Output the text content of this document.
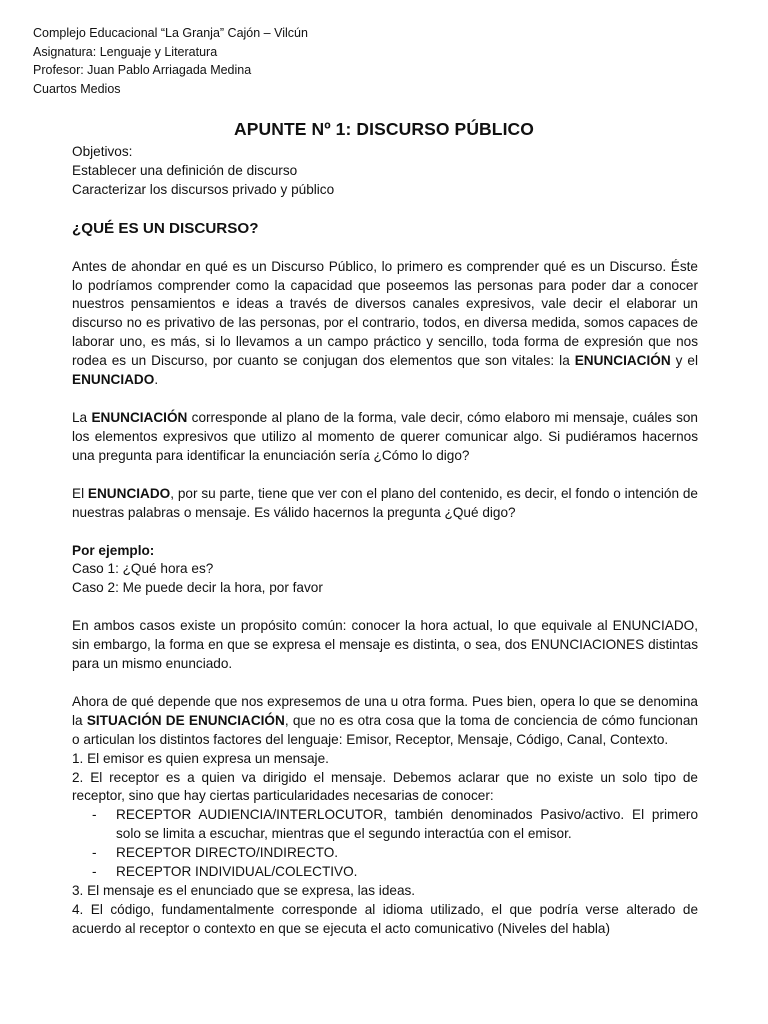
Complejo Educacional “La Granja” Cajón – Vilcún
Asignatura: Lenguaje y Literatura
Profesor: Juan Pablo Arriagada Medina
Cuartos Medios
APUNTE Nº 1: DISCURSO PÚBLICO
Objetivos:
Establecer una definición de discurso
Caracterizar los discursos privado y público
¿QUÉ ES UN DISCURSO?

Antes de ahondar en qué es un Discurso Público, lo primero es comprender qué es un Discurso. Éste lo podríamos comprender como la capacidad que poseemos las personas para poder dar a conocer nuestros pensamientos e ideas a través de diversos canales expresivos, vale decir el elaborar un discurso no es privativo de las personas, por el contrario, todos, en diversa medida, somos capaces de laborar uno, es más, si lo llevamos a un campo práctico y sencillo, toda forma de expresión que nos rodea es un Discurso, por cuanto se conjugan dos elementos que son vitales: la ENUNCIACIÓN y el ENUNCIADO.

La ENUNCIACIÓN corresponde al plano de la forma, vale decir, cómo elaboro mi mensaje, cuáles son los elementos expresivos que utilizo al momento de querer comunicar algo. Si pudiéramos hacernos una pregunta para identificar la enunciación sería ¿Cómo lo digo?

El ENUNCIADO, por su parte, tiene que ver con el plano del contenido, es decir, el fondo o intención de nuestras palabras o mensaje. Es válido hacernos la pregunta ¿Qué digo?

Por ejemplo:
Caso 1: ¿Qué hora es?
Caso 2: Me puede decir la hora, por favor

En ambos casos existe un propósito común: conocer la hora actual, lo que equivale al ENUNCIADO, sin embargo, la forma en que se expresa el mensaje es distinta, o sea, dos ENUNCIACIONES distintas para un mismo enunciado.

Ahora de qué depende que nos expresemos de una u otra forma. Pues bien, opera lo que se denomina la SITUACIÓN DE ENUNCIACIÓN, que no es otra cosa que la toma de conciencia de cómo funcionan o articulan los distintos factores del lenguaje: Emisor, Receptor, Mensaje, Código, Canal, Contexto.

1. El emisor es quien expresa un mensaje.

2. El receptor es a quien va dirigido el mensaje. Debemos aclarar que no existe un solo tipo de receptor, sino que hay ciertas particularidades necesarias de conocer:

- RECEPTOR AUDIENCIA/INTERLOCUTOR, también denominados Pasivo/activo. El primero solo se limita a escuchar, mientras que el segundo interactúa con el emisor.
- RECEPTOR DIRECTO/INDIRECTO.
- RECEPTOR INDIVIDUAL/COLECTIVO.

3. El mensaje es el enunciado que se expresa, las ideas.

4. El código, fundamentalmente corresponde al idioma utilizado, el que podría verse alterado de acuerdo al receptor o contexto en que se ejecuta el acto comunicativo (Niveles del habla)
